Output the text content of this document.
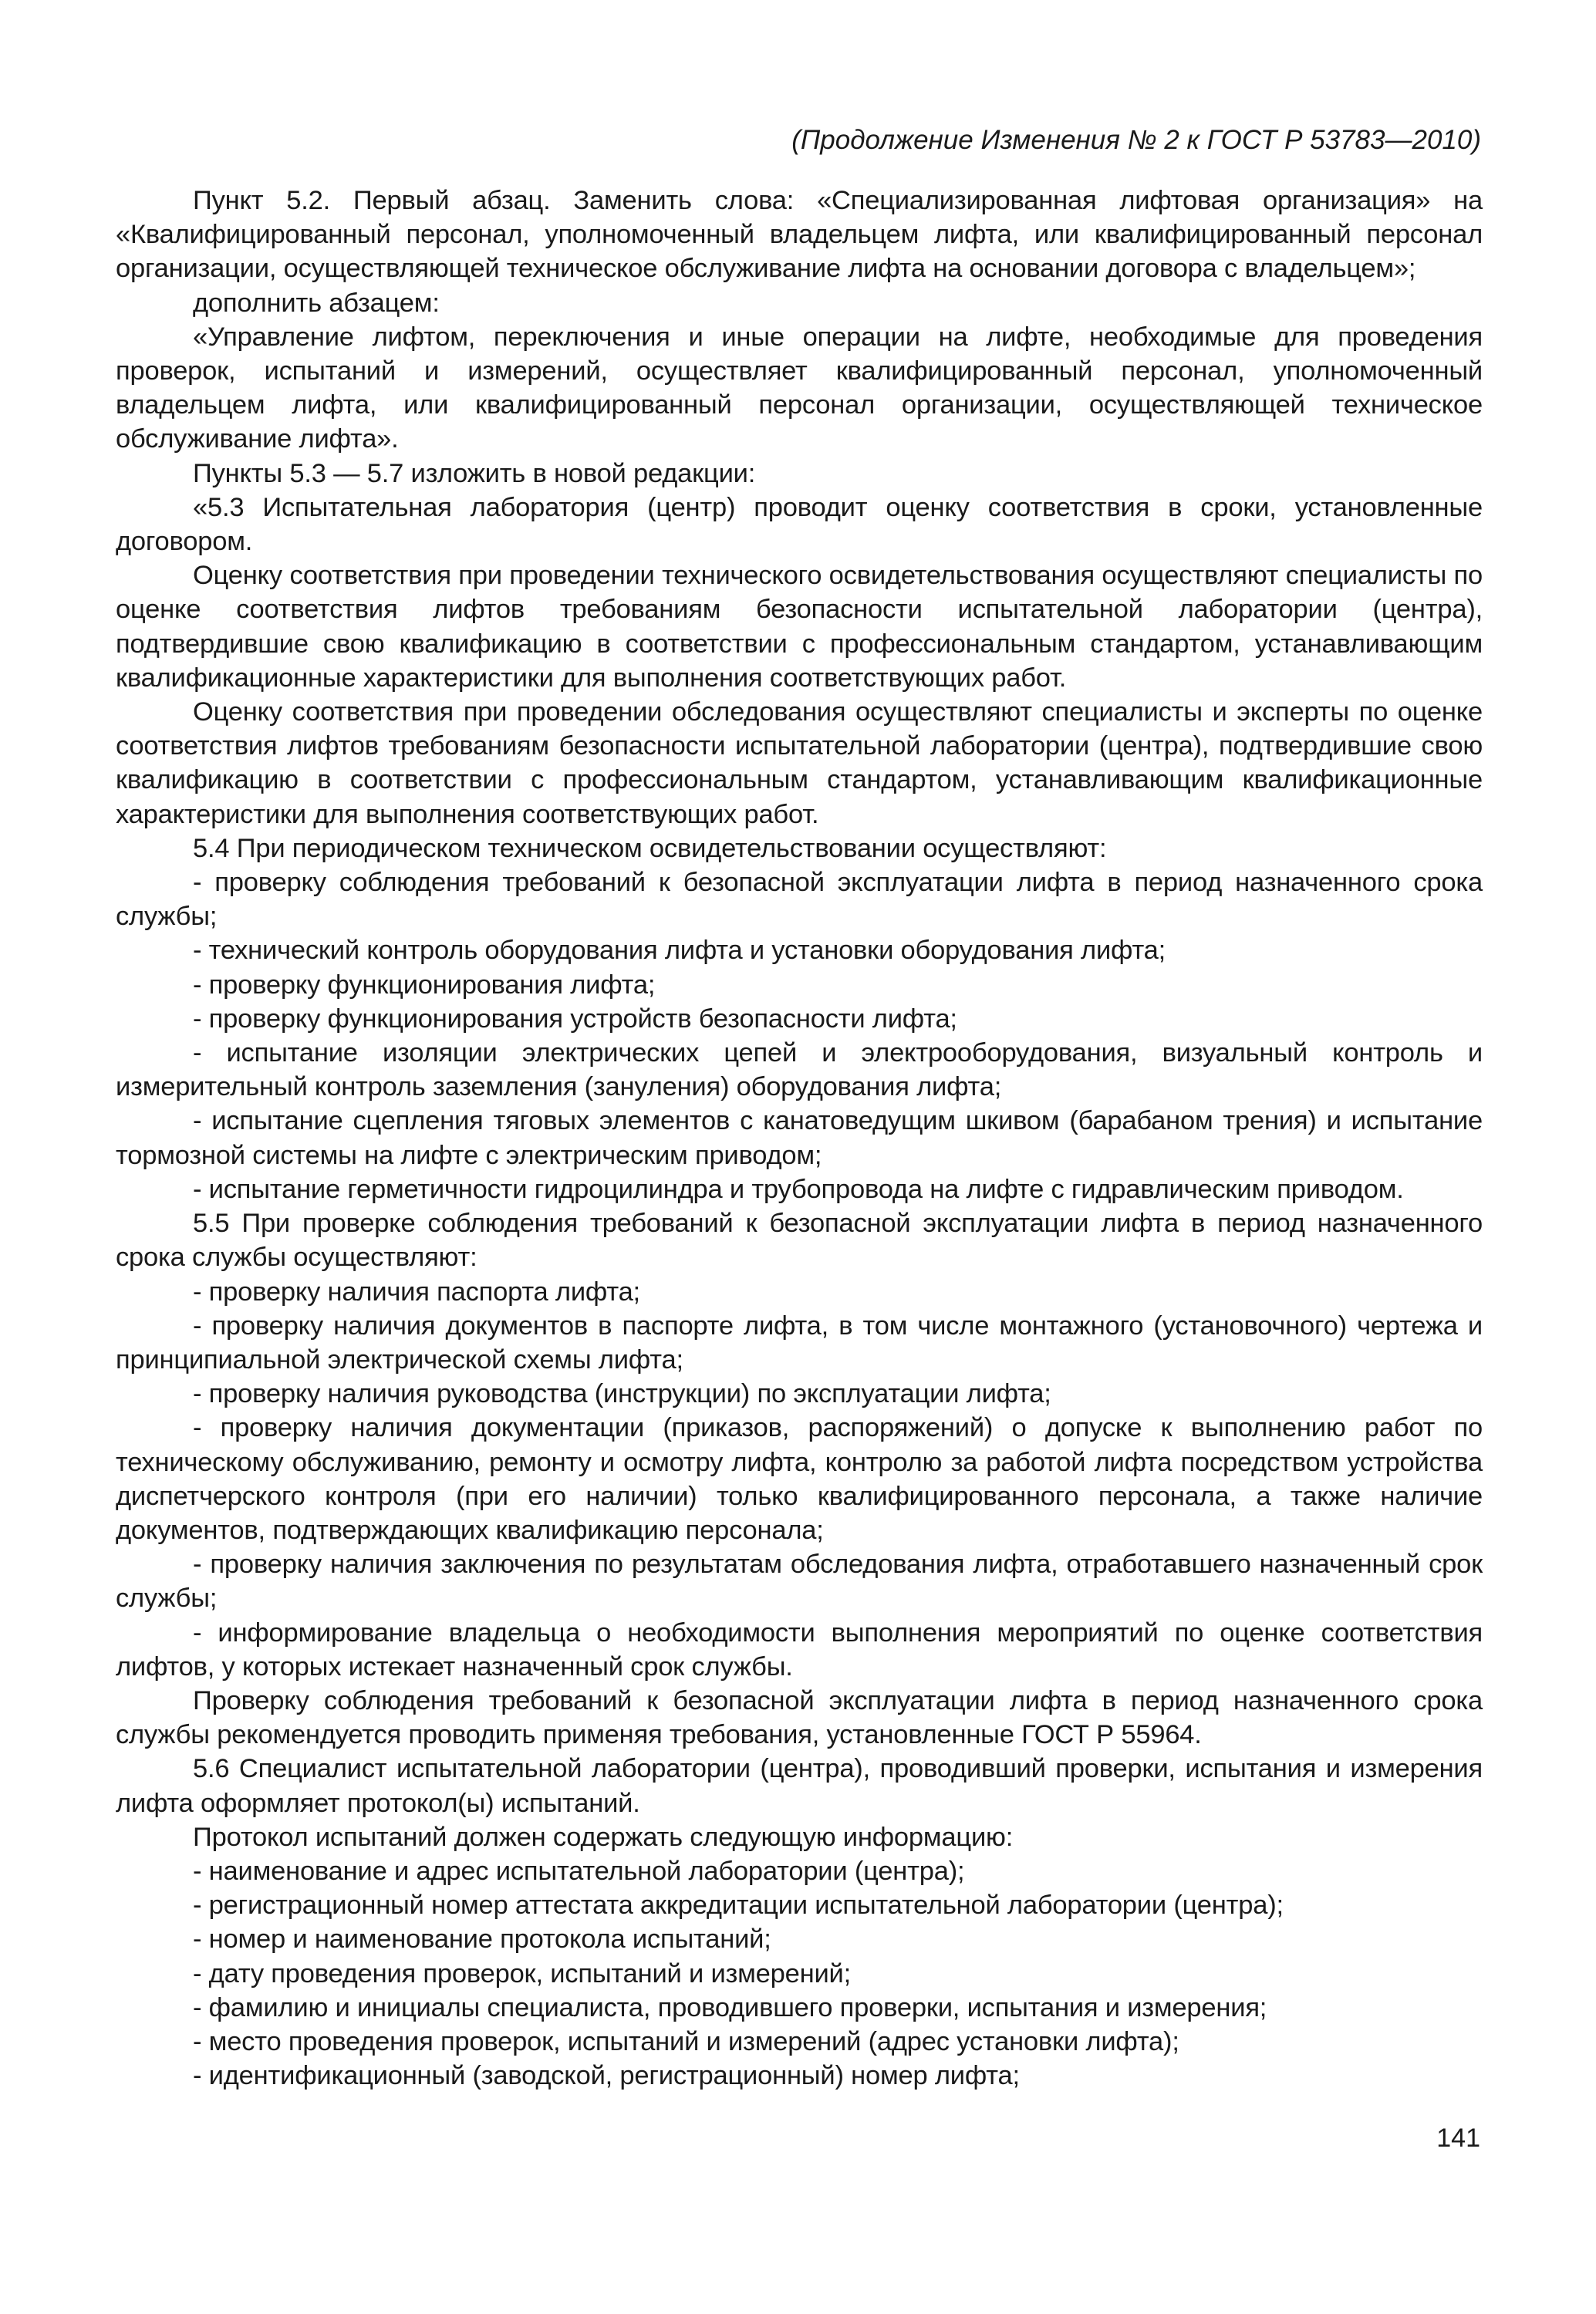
(Продолжение Изменения № 2 к ГОСТ Р 53783—2010)

Пункт 5.2. Первый абзац. Заменить слова: «Специализированная лифтовая организация» на «Квалифицированный персонал, уполномоченный владельцем лифта, или квалифицированный персонал организации, осуществляющей техническое обслуживание лифта на основании договора с владельцем»;

дополнить абзацем:

«Управление лифтом, переключения и иные операции на лифте, необходимые для проведения проверок, испытаний и измерений, осуществляет квалифицированный персонал, уполномоченный владельцем лифта, или квалифицированный персонал организации, осуществляющей техническое обслуживание лифта».

Пункты 5.3 — 5.7 изложить в новой редакции:

«5.3 Испытательная лаборатория (центр) проводит оценку соответствия в сроки, установленные договором.

Оценку соответствия при проведении технического освидетельствования осуществляют специалисты по оценке соответствия лифтов требованиям безопасности испытательной лаборатории (центра), подтвердившие свою квалификацию в соответствии с профессиональным стандартом, устанавливающим квалификационные характеристики для выполнения соответствующих работ.

Оценку соответствия при проведении обследования осуществляют специалисты и эксперты по оценке соответствия лифтов требованиям безопасности испытательной лаборатории (центра), подтвердившие свою квалификацию в соответствии с профессиональным стандартом, устанавливающим квалификационные характеристики для выполнения соответствующих работ.

5.4 При периодическом техническом освидетельствовании осуществляют:

- проверку соблюдения требований к безопасной эксплуатации лифта в период назначенного срока службы;

- технический контроль оборудования лифта и установки оборудования лифта;

- проверку функционирования лифта;

- проверку функционирования устройств безопасности лифта;

- испытание изоляции электрических цепей и электрооборудования, визуальный контроль и измерительный контроль заземления (зануления) оборудования лифта;

- испытание сцепления тяговых элементов с канатоведущим шкивом (барабаном трения) и испытание тормозной системы на лифте с электрическим приводом;

- испытание герметичности гидроцилиндра и трубопровода на лифте с гидравлическим приводом.

5.5 При проверке соблюдения требований к безопасной эксплуатации лифта в период назначенного срока службы осуществляют:

- проверку наличия паспорта лифта;

- проверку наличия документов в паспорте лифта, в том числе монтажного (установочного) чертежа и принципиальной электрической схемы лифта;

- проверку наличия руководства (инструкции) по эксплуатации лифта;

- проверку наличия документации (приказов, распоряжений) о допуске к выполнению работ по техническому обслуживанию, ремонту и осмотру лифта, контролю за работой лифта посредством устройства диспетчерского контроля (при его наличии) только квалифицированного персонала, а также наличие документов, подтверждающих квалификацию персонала;

- проверку наличия заключения по результатам обследования лифта, отработавшего назначенный срок службы;

- информирование владельца о необходимости выполнения мероприятий по оценке соответствия лифтов, у которых истекает назначенный срок службы.

Проверку соблюдения требований к безопасной эксплуатации лифта в период назначенного срока службы рекомендуется проводить применяя требования, установленные ГОСТ Р 55964.

5.6 Специалист испытательной лаборатории (центра), проводивший проверки, испытания и измерения лифта оформляет протокол(ы) испытаний.

Протокол испытаний должен содержать следующую информацию:

- наименование и адрес испытательной лаборатории (центра);

- регистрационный номер аттестата аккредитации испытательной лаборатории (центра);

- номер и наименование протокола испытаний;

- дату проведения проверок, испытаний и измерений;

- фамилию и инициалы специалиста, проводившего проверки, испытания и измерения;

- место проведения проверок, испытаний и измерений (адрес установки лифта);

- идентификационный (заводской, регистрационный) номер лифта;

141
